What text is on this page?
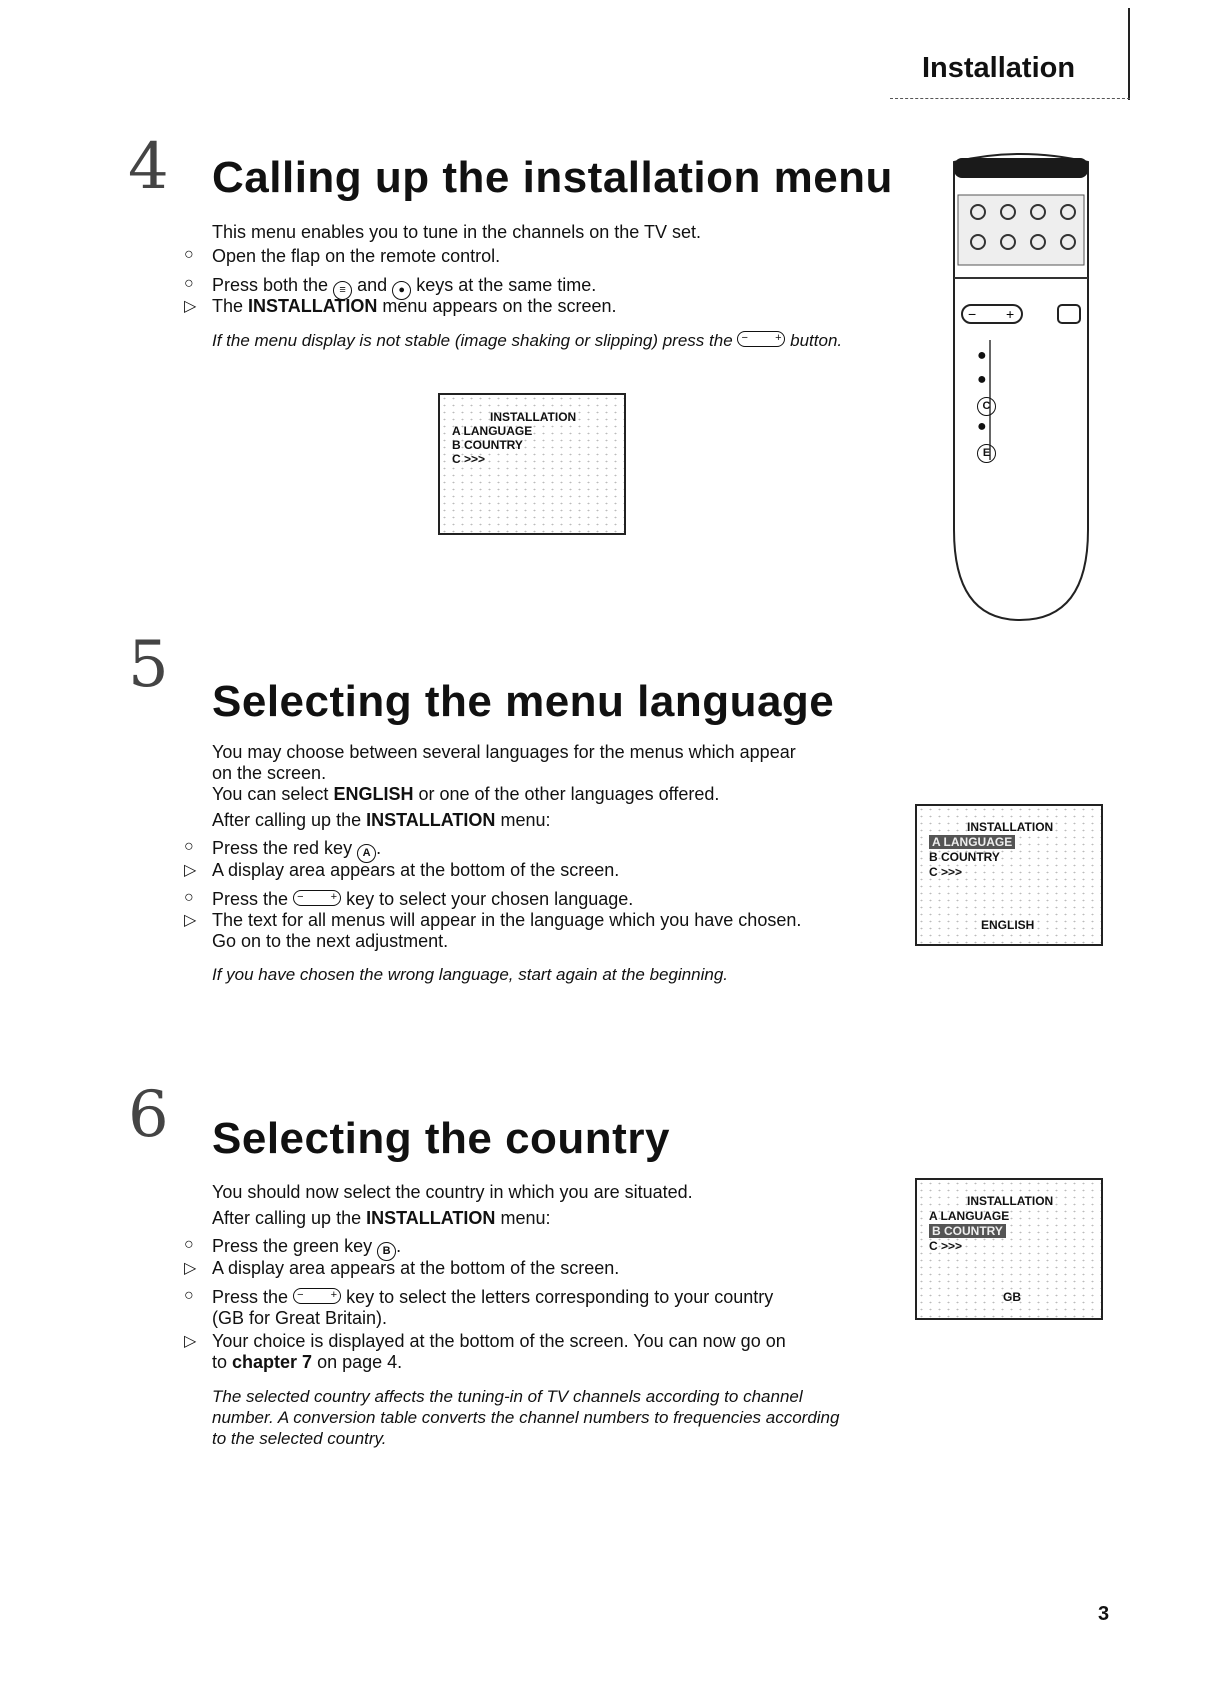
Installation
4 Calling up the installation menu
This menu enables you to tune in the channels on the TV set.
○ Open the flap on the remote control.
○ Press both the ≡ and ● keys at the same time.
▷ The INSTALLATION menu appears on the screen.
If the menu display is not stable (image shaking or slipping) press the − + button.
INSTALLATION
A LANGUAGE
B COUNTRY
C >>>
− +
●
●
C
●
E
5 Selecting the menu language
You may choose between several languages for the menus which appear
on the screen.
You can select ENGLISH or one of the other languages offered.
After calling up the INSTALLATION menu:
○ Press the red key A .
▷ A display area appears at the bottom of the screen.
○ Press the − + key to select your chosen language.
▷ The text for all menus will appear in the language which you have chosen.
Go on to the next adjustment.
If you have chosen the wrong language, start again at the beginning.
INSTALLATION
A LANGUAGE
B COUNTRY
C >>>
ENGLISH
6 Selecting the country
You should now select the country in which you are situated.
After calling up the INSTALLATION menu:
○ Press the green key B .
▷ A display area appears at the bottom of the screen.
○ Press the − + key to select the letters corresponding to your country
(GB for Great Britain).
▷ Your choice is displayed at the bottom of the screen. You can now go on
to chapter 7 on page 4.
The selected country affects the tuning-in of TV channels according to channel
number. A conversion table converts the channel numbers to frequencies according
to the selected country.
INSTALLATION
A LANGUAGE
B COUNTRY
C >>>
GB
3
